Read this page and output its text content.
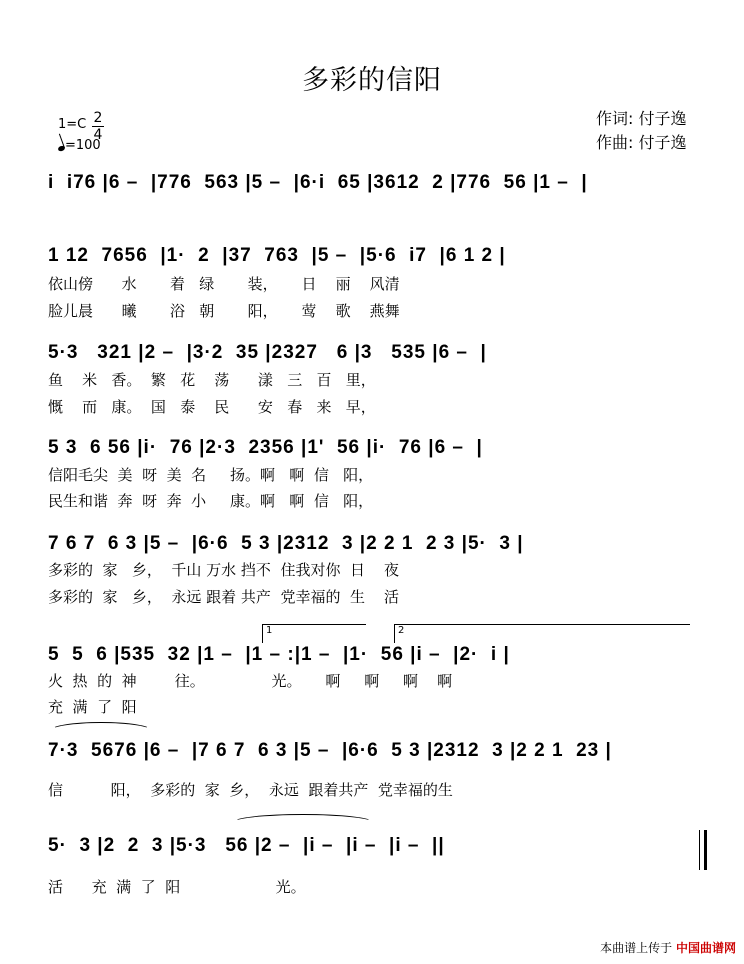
多彩的信阳
作词: 付子逸
作曲: 付子逸
1=C 2
4
=100
i  i76 |6 –  |776  563 |5 –  |6·i  65 |3612  2 |776  56 |1 –  |
1 12  7656  |1·  2  |37  763  |5 –  |5·6  i7  |6 1 2 |
依山傍      水       着   绿       装，     日    丽    风清
脸儿晨      曦       浴   朝       阳，     莺    歌    燕舞
5·3   321 |2 –  |3·2  35 |2327   6 |3   535 |6 –  |
鱼    米   香。  繁   花    荡      漾   三   百   里，
慨    而   康。  国   泰    民      安   春   来   早，
5 3  6 56 |i·  76 |2·3  2356 |1'  56 |i·  76 |6 –  |
信阳毛尖  美  呀  美  名     扬。啊   啊  信   阳，
民生和谐  奔  呀  奔  小     康。啊   啊  信   阳，
7 6 7  6 3 |5 –  |6·6  5 3 |2312  3 |2 2 1  2 3 |5·  3 |
多彩的  家   乡，  千山 万水 挡不  住我对你  日    夜
多彩的  家   乡，  永远 跟着 共产  党幸福的  生    活
1	2
5  5  6 |535  32 |1 –  |1 – :|1 –  |1·  56 |i –  |2·  i |
火  热  的  神        往。              光。     啊     啊     啊    啊
充  满  了  阳
7·3  5676 |6 –  |7 6 7  6 3 |5 –  |6·6  5 3 |2312  3 |2 2 1  23 |
信          阳，  多彩的  家  乡，  永远  跟着共产  党幸福的生
5·  3 |2  2  3 |5·3   56 |2 –  |i –  |i –  |i –  ||
活      充  满  了  阳                    光。
本曲谱上传于 中国曲谱网
